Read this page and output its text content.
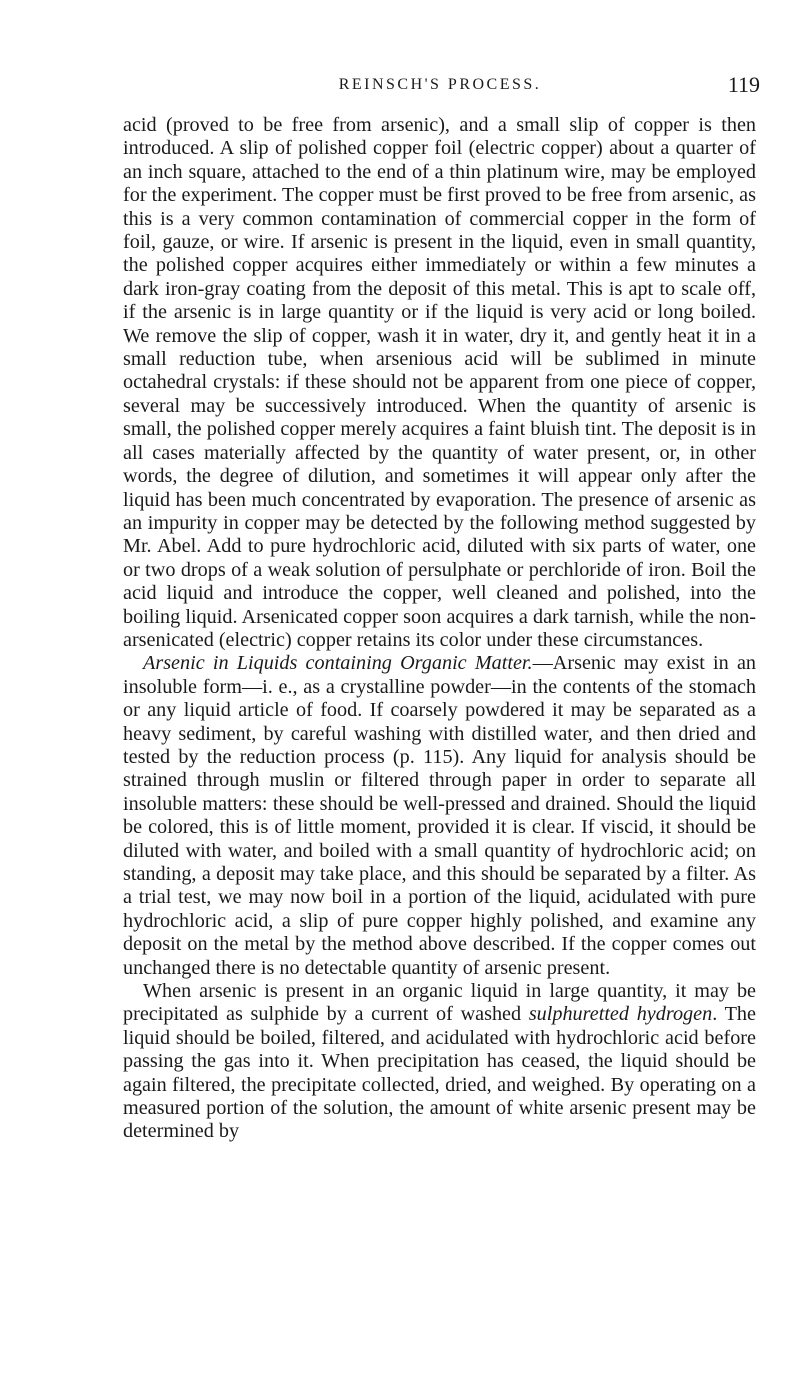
REINSCH'S PROCESS.	119

acid (proved to be free from arsenic), and a small slip of copper is then introduced. A slip of polished copper foil (electric copper) about a quarter of an inch square, attached to the end of a thin platinum wire, may be employed for the experiment. The copper must be first proved to be free from arsenic, as this is a very common contamination of commercial copper in the form of foil, gauze, or wire. If arsenic is present in the liquid, even in small quantity, the polished copper acquires either immediately or within a few minutes a dark iron-gray coating from the deposit of this metal. This is apt to scale off, if the arsenic is in large quantity or if the liquid is very acid or long boiled. We remove the slip of copper, wash it in water, dry it, and gently heat it in a small reduction tube, when arsenious acid will be sublimed in minute octahedral crystals: if these should not be apparent from one piece of copper, several may be successively introduced. When the quantity of arsenic is small, the polished copper merely acquires a faint bluish tint. The deposit is in all cases materially affected by the quantity of water present, or, in other words, the degree of dilution, and sometimes it will appear only after the liquid has been much concentrated by evaporation. The presence of arsenic as an impurity in copper may be detected by the following method suggested by Mr. Abel. Add to pure hydrochloric acid, diluted with six parts of water, one or two drops of a weak solution of persulphate or perchloride of iron. Boil the acid liquid and introduce the copper, well cleaned and polished, into the boiling liquid. Arsenicated copper soon acquires a dark tarnish, while the non-arsenicated (electric) copper retains its color under these circumstances.

Arsenic in Liquids containing Organic Matter.—Arsenic may exist in an insoluble form—i. e., as a crystalline powder—in the contents of the stomach or any liquid article of food. If coarsely powdered it may be separated as a heavy sediment, by careful washing with distilled water, and then dried and tested by the reduction process (p. 115). Any liquid for analysis should be strained through muslin or filtered through paper in order to separate all insoluble matters: these should be well-pressed and drained. Should the liquid be colored, this is of little moment, provided it is clear. If viscid, it should be diluted with water, and boiled with a small quantity of hydrochloric acid; on standing, a deposit may take place, and this should be separated by a filter. As a trial test, we may now boil in a portion of the liquid, acidulated with pure hydrochloric acid, a slip of pure copper highly polished, and examine any deposit on the metal by the method above described. If the copper comes out unchanged there is no detectable quantity of arsenic present.

When arsenic is present in an organic liquid in large quantity, it may be precipitated as sulphide by a current of washed sulphuretted hydrogen. The liquid should be boiled, filtered, and acidulated with hydrochloric acid before passing the gas into it. When precipitation has ceased, the liquid should be again filtered, the precipitate collected, dried, and weighed. By operating on a measured portion of the solution, the amount of white arsenic present may be determined by
